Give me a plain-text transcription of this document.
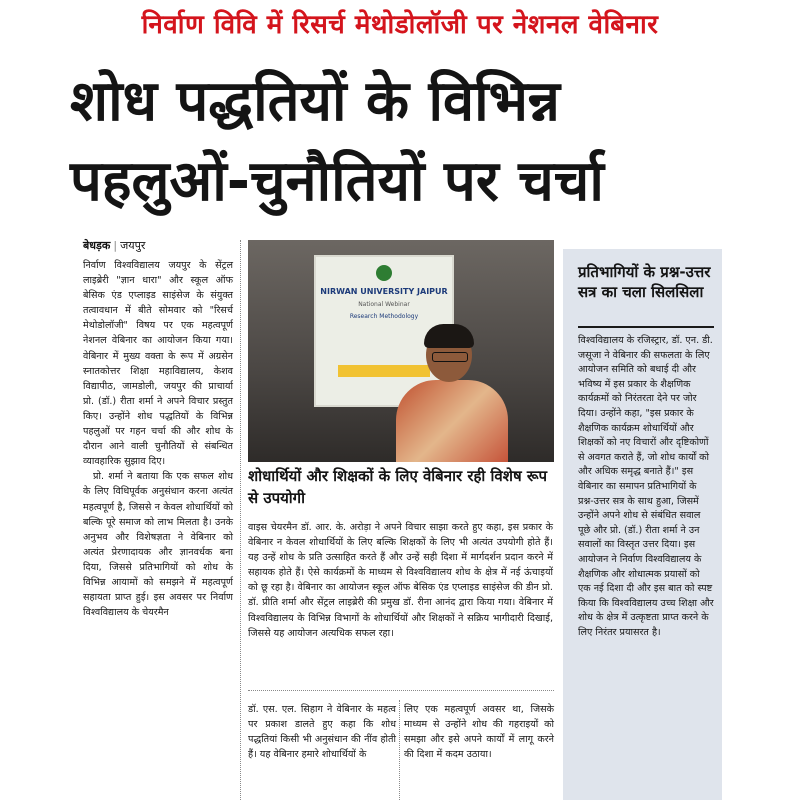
निर्वाण विवि में रिसर्च मेथोडोलॉजी पर नेशनल वेबिनार
शोध पद्धतियों के विभिन्न
पहलुओं-चुनौतियों पर चर्चा
बेधड़क | जयपुर

निर्वाण विश्वविद्यालय जयपुर के सेंट्रल लाइब्रेरी "ज्ञान धारा" और स्कूल ऑफ बेसिक एंड एप्लाइड साइंसेज के संयुक्त तत्वावधान में बीते सोमवार को "रिसर्च मेथोडोलॉजी" विषय पर एक महत्वपूर्ण नेशनल वेबिनार का आयोजन किया गया। वेबिनार में मुख्य वक्ता के रूप में अग्रसेन स्नातकोत्तर शिक्षा महाविद्यालय, केशव विद्यापीठ, जामडोली, जयपुर की प्राचार्या प्रो. (डॉ.) रीता शर्मा ने अपने विचार प्रस्तुत किए। उन्होंने शोध पद्धतियों के विभिन्न पहलुओं पर गहन चर्चा की और शोध के दौरान आने वाली चुनौतियों से संबन्धित व्यावहारिक सुझाव दिए।

प्रो. शर्मा ने बताया कि एक सफल शोध के लिए विधिपूर्वक अनुसंधान करना अत्यंत महत्वपूर्ण है, जिससे न केवल शोधार्थियों को बल्कि पूरे समाज को लाभ मिलता है। उनके अनुभव और विशेषज्ञता ने वेबिनार को अत्यंत प्रेरणादायक और ज्ञानवर्धक बना दिया, जिससे प्रतिभागियों को शोध के विभिन्न आयामों को समझने में महत्वपूर्ण सहायता प्राप्त हुई। इस अवसर पर निर्वाण विश्वविद्यालय के चेयरमैन

NIRWAN UNIVERSITY JAIPUR
National Webinar
Research Methodology
शोधार्थियों और शिक्षकों के लिए वेबिनार रही विशेष रूप से उपयोगी

वाइस चेयरमैन डॉ. आर. के. अरोड़ा ने अपने विचार साझा करते हुए कहा, इस प्रकार के वेबिनार न केवल शोधार्थियों के लिए बल्कि शिक्षकों के लिए भी अत्यंत उपयोगी होते हैं। यह उन्हें शोध के प्रति उत्साहित करते हैं और उन्हें सही दिशा में मार्गदर्शन प्रदान करने में सहायक होते हैं। ऐसे कार्यक्रमों के माध्यम से विश्वविद्यालय शोध के क्षेत्र में नई ऊंचाइयों को छू रहा है। वेबिनार का आयोजन स्कूल ऑफ बेसिक एंड एप्लाइड साइंसेज की डीन प्रो. डॉ. प्रीति शर्मा और सेंट्रल लाइब्रेरी की प्रमुख डॉ. रीना आनंद द्वारा किया गया। वेबिनार में विश्वविद्यालय के विभिन्न विभागों के शोधार्थियों और शिक्षकों ने सक्रिय भागीदारी दिखाई, जिससे यह आयोजन अत्यधिक सफल रहा।

डॉ. एस. एल. सिहाग ने वेबिनार के महत्व पर प्रकाश डालते हुए कहा कि शोध पद्धतियां किसी भी अनुसंधान की नींव होती हैं। यह वेबिनार हमारे शोधार्थियों के

लिए एक महत्वपूर्ण अवसर था, जिसके माध्यम से उन्होंने शोध की गहराइयों को समझा और इसे अपने कार्यों में लागू करने की दिशा में कदम उठाया।

प्रतिभागियों के प्रश्न-उत्तर सत्र का चला सिलसिला

विश्वविद्यालय के रजिस्ट्रार, डॉ. एन. डी. जसूजा ने वेबिनार की सफलता के लिए आयोजन समिति को बधाई दी और भविष्य में इस प्रकार के शैक्षणिक कार्यक्रमों को निरंतरता देने पर जोर दिया। उन्होंने कहा, "इस प्रकार के शैक्षणिक कार्यक्रम शोधार्थियों और शिक्षकों को नए विचारों और दृष्टिकोणों से अवगत कराते हैं, जो शोध कार्यों को और अधिक समृद्ध बनाते हैं।" इस वेबिनार का समापन प्रतिभागियों के प्रश्न-उत्तर सत्र के साथ हुआ, जिसमें उन्होंने अपने शोध से संबंधित सवाल पूछे और प्रो. (डॉ.) रीता शर्मा ने उन सवालों का विस्तृत उत्तर दिया। इस आयोजन ने निर्वाण विश्वविद्यालय के शैक्षणिक और शोधात्मक प्रयासों को एक नई दिशा दी और इस बात को स्पष्ट किया कि विश्वविद्यालय उच्च शिक्षा और शोध के क्षेत्र में उत्कृष्टता प्राप्त करने के लिए निरंतर प्रयासरत है।
